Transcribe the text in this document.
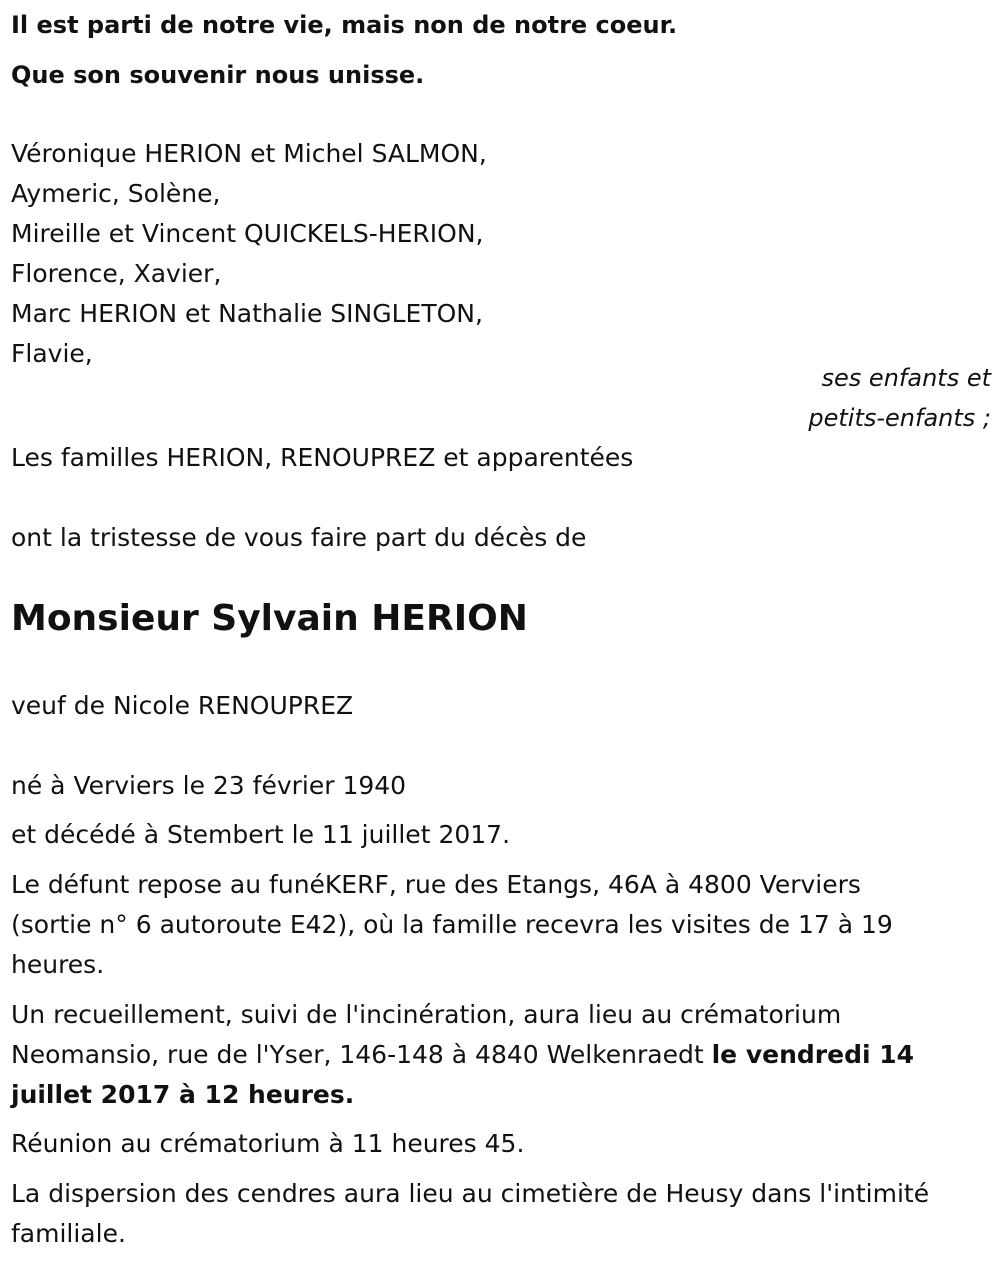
Il est parti de notre vie, mais non de notre coeur.
Que son souvenir nous unisse.
Véronique HERION et Michel SALMON,
Aymeric, Solène,
Mireille et Vincent QUICKELS-HERION,
Florence, Xavier,
Marc HERION et Nathalie SINGLETON,
Flavie,
ses enfants et
petits-enfants ;
Les familles HERION, RENOUPREZ et apparentées
ont la tristesse de vous faire part du décès de
Monsieur Sylvain HERION
veuf de Nicole RENOUPREZ
né à Verviers le 23 février 1940
et décédé à Stembert le 11 juillet 2017.
Le défunt repose au funéKERF, rue des Etangs, 46A à 4800 Verviers
(sortie n° 6 autoroute E42), où la famille recevra les visites de 17 à 19
heures.
Un recueillement, suivi de l'incinération, aura lieu au crématorium
Neomansio, rue de l'Yser, 146-148 à 4840 Welkenraedt le vendredi 14
juillet 2017 à 12 heures.
Réunion au crématorium à 11 heures 45.
La dispersion des cendres aura lieu au cimetière de Heusy dans l'intimité
familiale.
